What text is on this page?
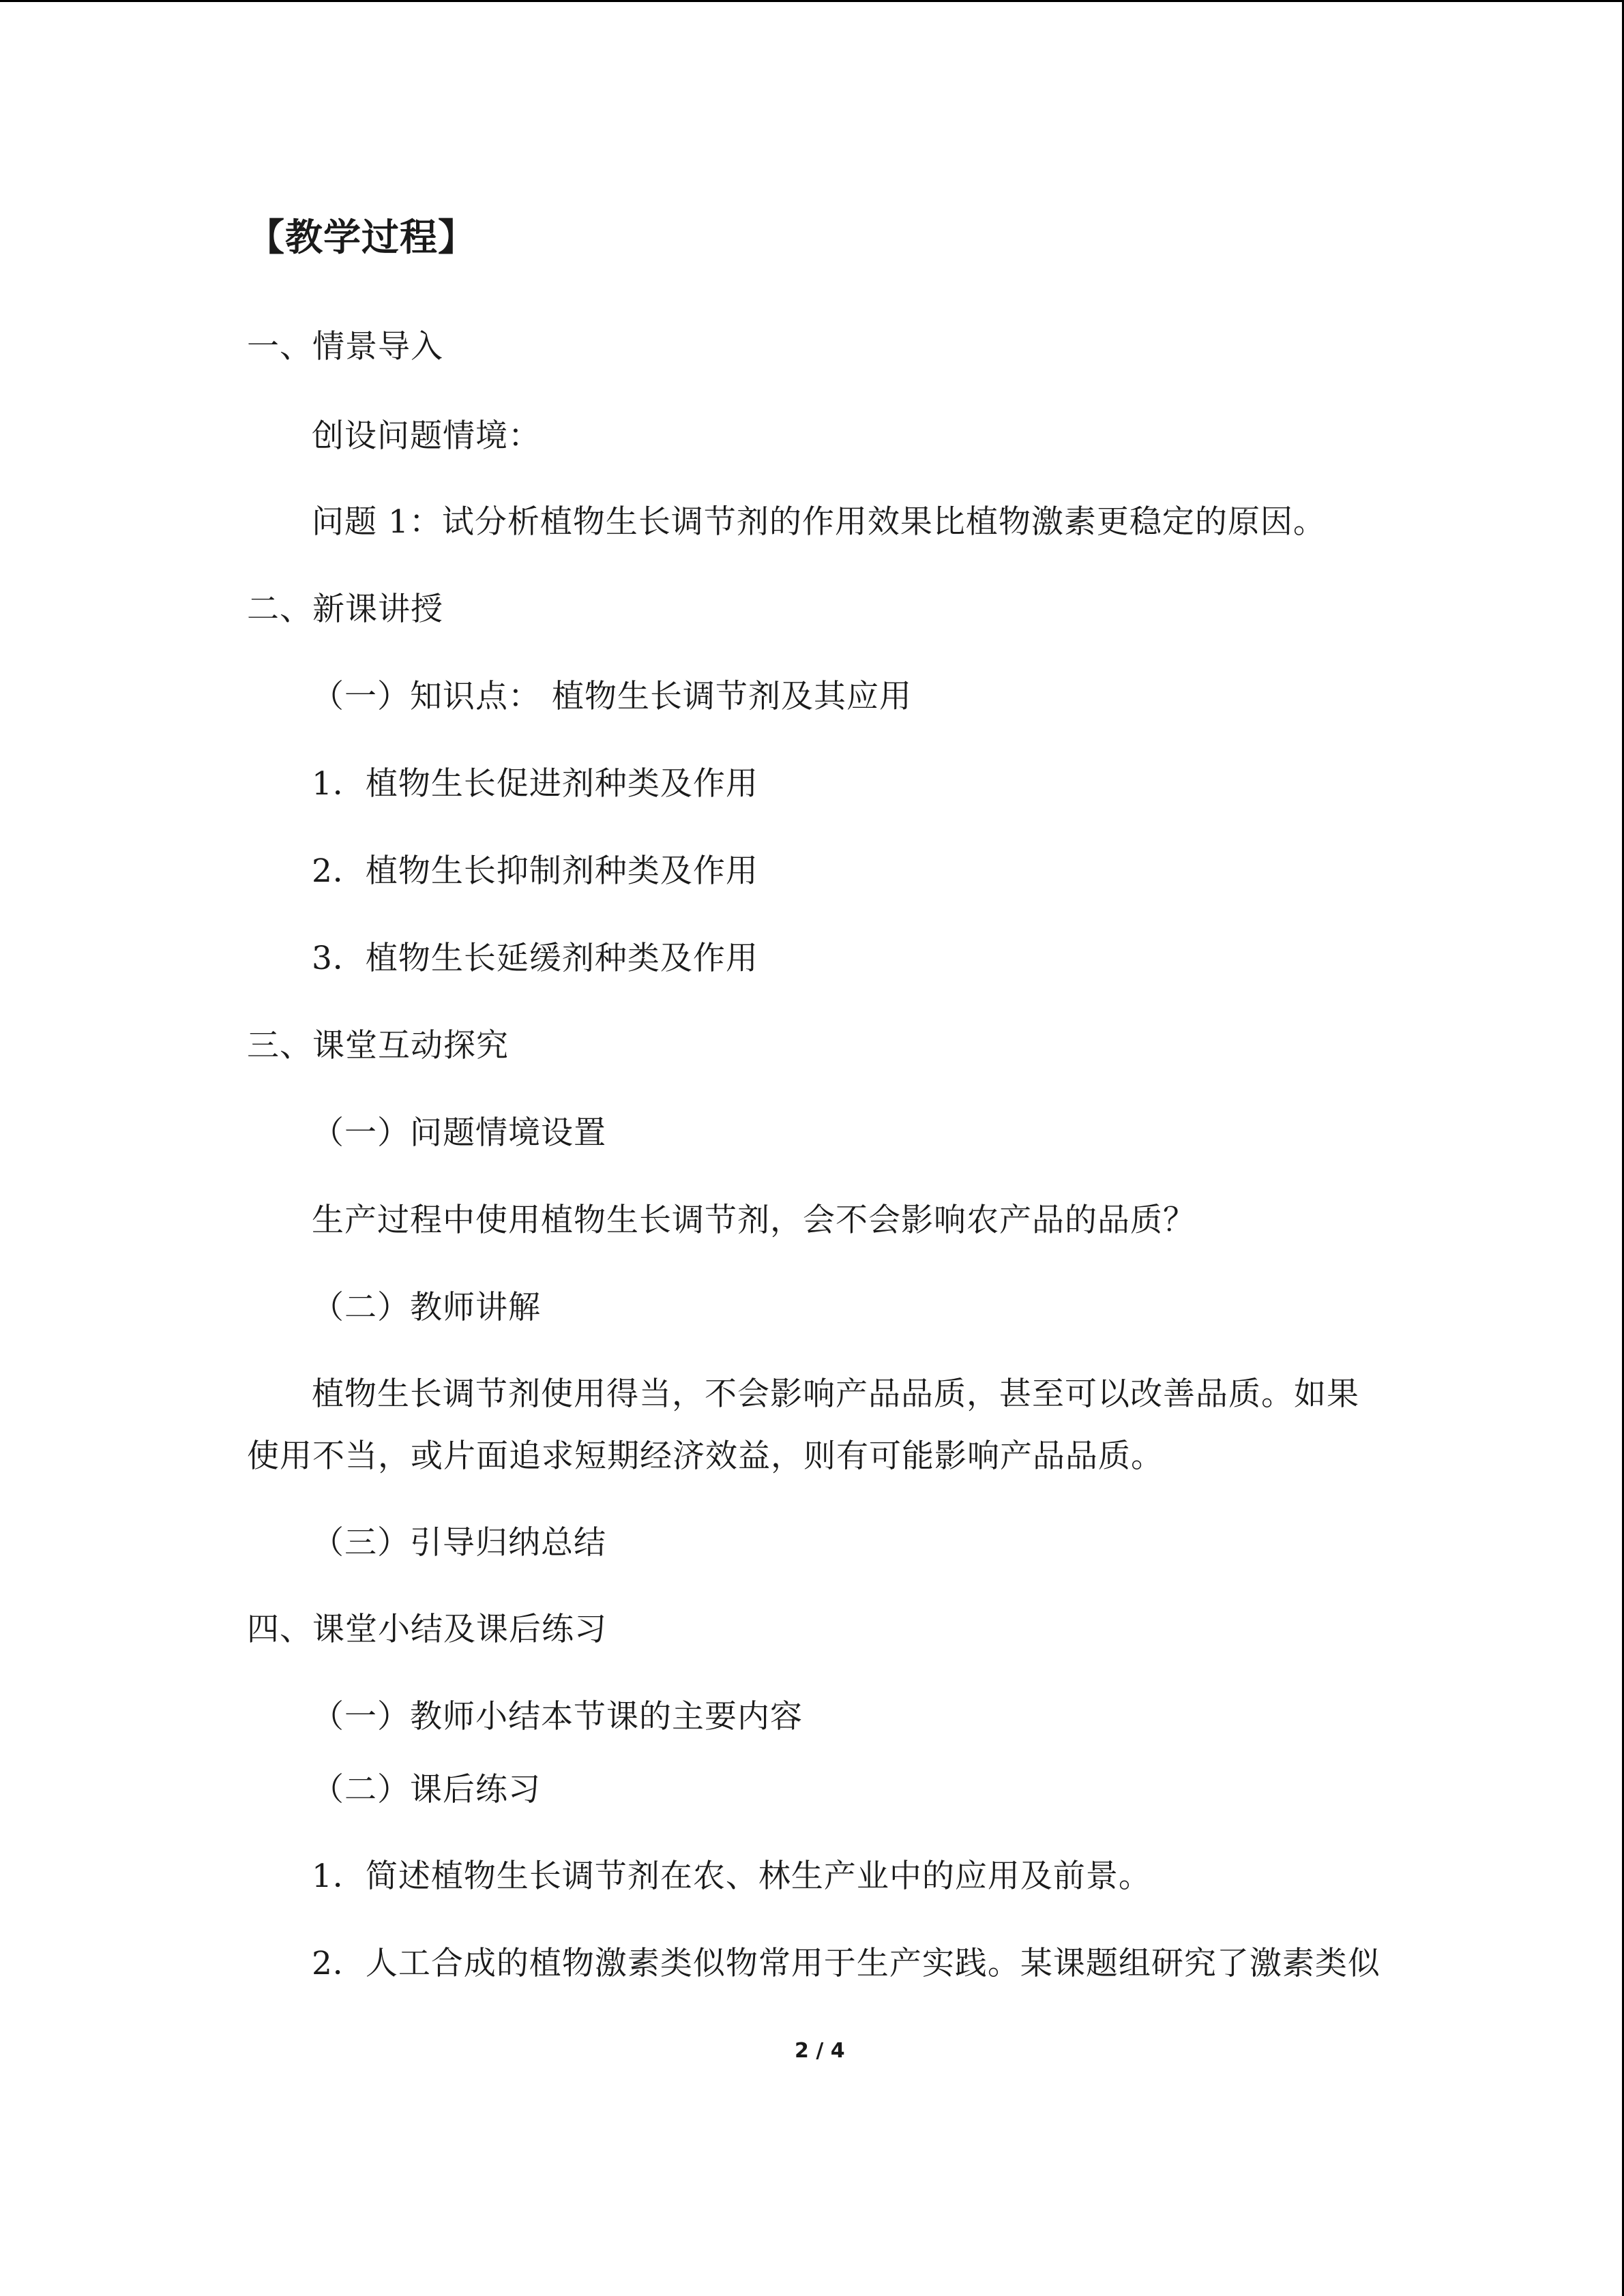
【教学过程】
一、情景导入
创设问题情境：
问题 1：试分析植物生长调节剂的作用效果比植物激素更稳定的原因。
二、新课讲授
（一）知识点： 植物生长调节剂及其应用
1．植物生长促进剂种类及作用
2．植物生长抑制剂种类及作用
3．植物生长延缓剂种类及作用
三、课堂互动探究
（一）问题情境设置
生产过程中使用植物生长调节剂，会不会影响农产品的品质？
（二）教师讲解
植物生长调节剂使用得当，不会影响产品品质，甚至可以改善品质。如果
使用不当，或片面追求短期经济效益，则有可能影响产品品质。
（三）引导归纳总结
四、课堂小结及课后练习
（一）教师小结本节课的主要内容
（二）课后练习
1．简述植物生长调节剂在农、林生产业中的应用及前景。
2．人工合成的植物激素类似物常用于生产实践。某课题组研究了激素类似
2 / 4
